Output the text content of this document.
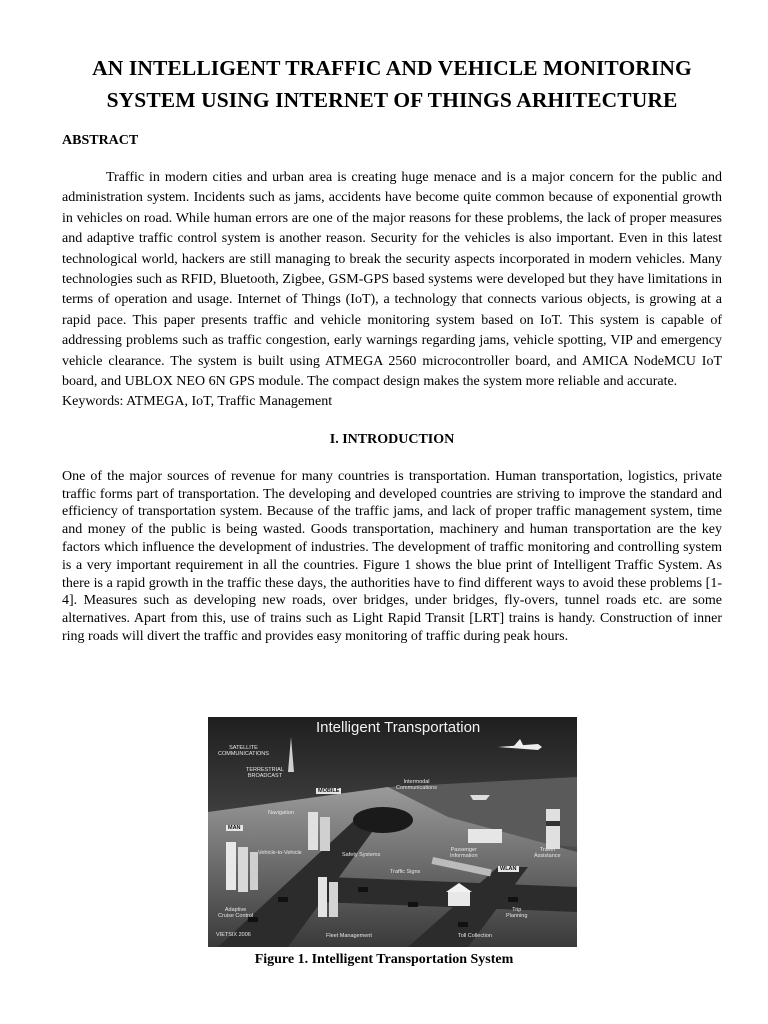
AN INTELLIGENT TRAFFIC AND VEHICLE MONITORING SYSTEM USING INTERNET OF THINGS ARHITECTURE

ABSTRACT

Traffic in modern cities and urban area is creating huge menace and is a major concern for the public and administration system. Incidents such as jams, accidents have become quite common because of exponential growth in vehicles on road. While human errors are one of the major reasons for these problems, the lack of proper measures and adaptive traffic control system is another reason. Security for the vehicles is also important. Even in this latest technological world, hackers are still managing to break the security aspects incorporated in modern vehicles. Many technologies such as RFID, Bluetooth, Zigbee, GSM-GPS based systems were developed but they have limitations in terms of operation and usage. Internet of Things (IoT), a technology that connects various objects, is growing at a rapid pace. This paper presents traffic and vehicle monitoring system based on IoT. This system is capable of addressing problems such as traffic congestion, early warnings regarding jams, vehicle spotting, VIP and emergency vehicle clearance. The system is built using ATMEGA 2560 microcontroller board, and AMICA NodeMCU IoT board, and UBLOX NEO 6N GPS module. The compact design makes the system more reliable and accurate.

Keywords: ATMEGA, IoT, Traffic Management

I. INTRODUCTION

One of the major sources of revenue for many countries is transportation. Human transportation, logistics, private traffic forms part of transportation. The developing and developed countries are striving to improve the standard and efficiency of transportation system. Because of the traffic jams, and lack of proper traffic management system, time and money of the public is being wasted. Goods transportation, machinery and human transportation are the key factors which influence the development of industries. The development of traffic monitoring and controlling system is a very important requirement in all the countries. Figure 1 shows the blue print of Intelligent Traffic System. As there is a rapid growth in the traffic these days, the authorities have to find different ways to avoid these problems [1-4]. Measures such as developing new roads, over bridges, under bridges, fly-overs, tunnel roads etc. are some alternatives. Apart from this, use of trains such as Light Rapid Transit [LRT] trains is handy. Construction of inner ring roads will divert the traffic and provides easy monitoring of traffic during peak hours.

Intelligent Transportation
SATELLITE
COMMUNICATIONS
TERRESTRIAL
BROADCAST
MOBILE
Intermodal
Communications
Navigation
MAN
Vehicle-to-Vehicle	Safety Systems
Passenger
Information
Travel
Assistance
Traffic Signs	WLAN
Adaptive
Cruise Control
Trip
Planning
Fleet Management	Toll Collection
VIETSIX 2006
Figure 1. Intelligent Transportation System
